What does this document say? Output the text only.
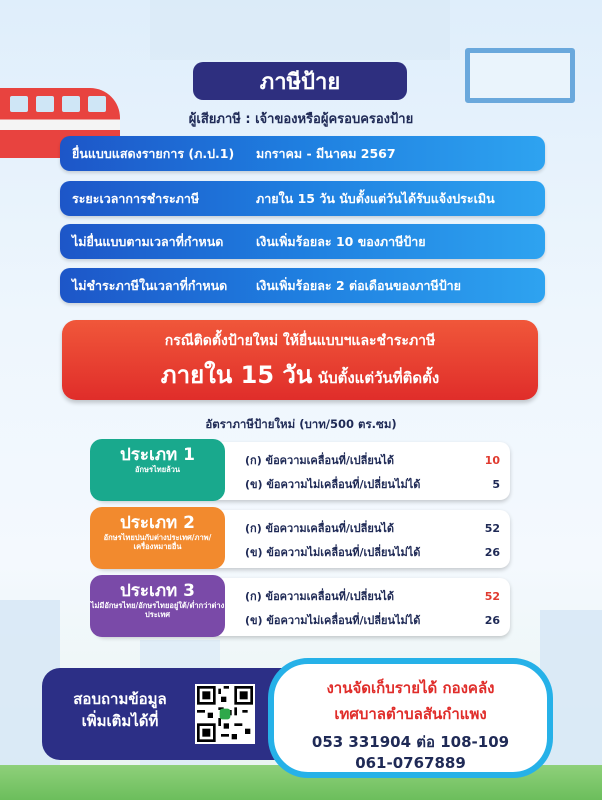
ภาษีป้าย
ผู้เสียภาษี : เจ้าของหรือผู้ครอบครองป้าย
ยื่นแบบแสดงรายการ (ภ.ป.1)	มกราคม - มีนาคม 2567
ระยะเวลาการชำระภาษี	ภายใน 15 วัน นับตั้งแต่วันได้รับแจ้งประเมิน
ไม่ยื่นแบบตามเวลาที่กำหนด	เงินเพิ่มร้อยละ 10 ของภาษีป้าย
ไม่ชำระภาษีในเวลาที่กำหนด	เงินเพิ่มร้อยละ 2 ต่อเดือนของภาษีป้าย
กรณีติดตั้งป้ายใหม่ ให้ยื่นแบบฯและชำระภาษี
ภายใน 15 วัน นับตั้งแต่วันที่ติดตั้ง
อัตราภาษีป้ายใหม่ (บาท/500 ตร.ซม)
ประเภท 1
อักษรไทยล้วน
(ก) ข้อความเคลื่อนที่/เปลี่ยนได้	10
(ข) ข้อความไม่เคลื่อนที่/เปลี่ยนไม่ได้	5
ประเภท 2
อักษรไทยปนกับต่างประเทศ/ภาพ/เครื่องหมายอื่น
(ก) ข้อความเคลื่อนที่/เปลี่ยนได้	52
(ข) ข้อความไม่เคลื่อนที่/เปลี่ยนไม่ได้	26
ประเภท 3
ไม่มีอักษรไทย/อักษรไทยอยู่ใต้/ต่ำกว่าต่างประเทศ
(ก) ข้อความเคลื่อนที่/เปลี่ยนได้	52
(ข) ข้อความไม่เคลื่อนที่/เปลี่ยนไม่ได้	26
สอบถามข้อมูล
เพิ่มเติมได้ที่
งานจัดเก็บรายได้ กองคลัง
เทศบาลตำบลสันกำแพง
053 331904 ต่อ 108-109
061-0767889
